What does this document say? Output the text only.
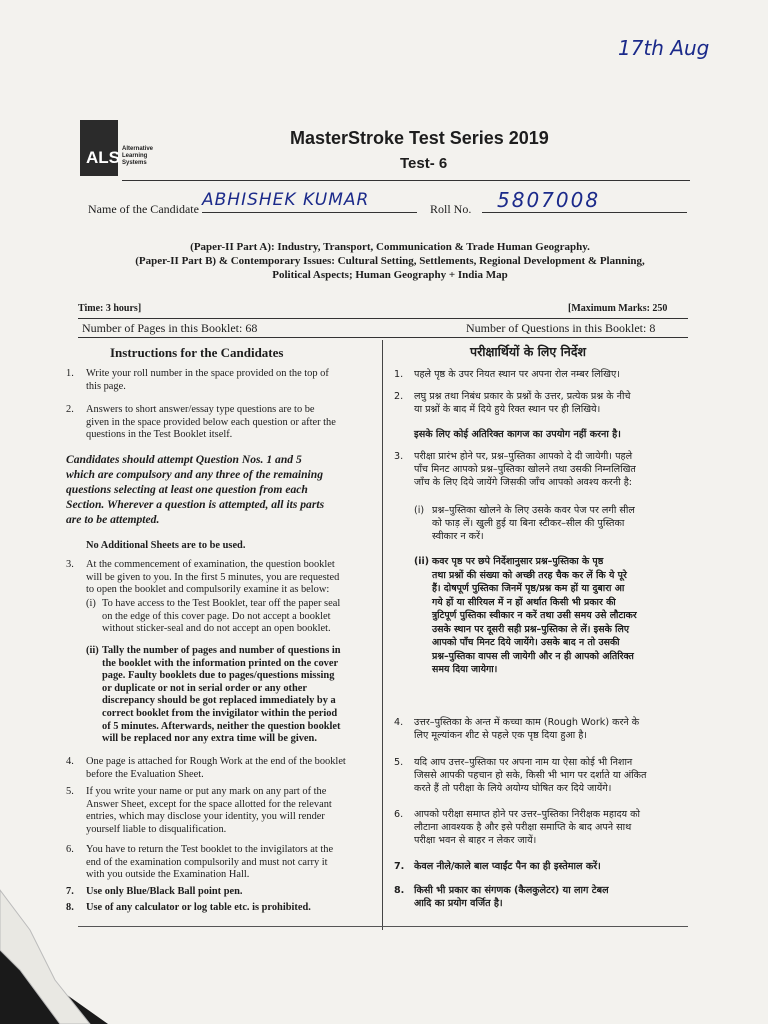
17th Aug
ALS Alternative
Learning
Systems
MasterStroke Test Series 2019
Test- 6
Name of the Candidate ABHISHEK KUMAR	Roll No. 5807008
(Paper-II Part A): Industry, Transport, Communication & Trade Human Geography.
(Paper-II Part B) & Contemporary Issues: Cultural Setting, Settlements, Regional Development & Planning,
Political Aspects; Human Geography + India Map
Time: 3 hours]	[Maximum Marks: 250
Number of Pages in this Booklet: 68	Number of Questions in this Booklet: 8
Instructions for the Candidates
1. Write your roll number in the space provided on the top of
this page.
2. Answers to short answer/essay type questions are to be
given in the space provided below each question or after the
questions in the Test Booklet itself.
Candidates should attempt Question Nos. 1 and 5
which are compulsory and any three of the remaining
questions selecting at least one question from each
Section. Wherever a question is attempted, all its parts
are to be attempted.
No Additional Sheets are to be used.
3. At the commencement of examination, the question booklet
will be given to you. In the first 5 minutes, you are requested
to open the booklet and compulsorily examine it as below:
(i) To have access to the Test Booklet, tear off the paper seal
on the edge of this cover page. Do not accept a booklet
without sticker-seal and do not accept an open booklet.
(ii) Tally the number of pages and number of questions in
the booklet with the information printed on the cover
page. Faulty booklets due to pages/questions missing
or duplicate or not in serial order or any other
discrepancy should be got replaced immediately by a
correct booklet from the invigilator within the period
of 5 minutes. Afterwards, neither the question booklet
will be replaced nor any extra time will be given.
4. One page is attached for Rough Work at the end of the booklet
before the Evaluation Sheet.
5. If you write your name or put any mark on any part of the
Answer Sheet, except for the space allotted for the relevant
entries, which may disclose your identity, you will render
yourself liable to disqualification.
6. You have to return the Test booklet to the invigilators at the
end of the examination compulsorily and must not carry it
with you outside the Examination Hall.
7.	Use only Blue/Black Ball point pen.
8.	Use of any calculator or log table etc. is prohibited.
परीक्षार्थियों के लिए निर्देश
1.	पहले पृष्ठ के उपर नियत स्थान पर अपना रोल नम्बर लिखिए।
2. लघु प्रश्न तथा निबंध प्रकार के प्रश्नों के उत्तर, प्रत्येक प्रश्न के नीचे
या प्रश्नों के बाद में दिये हुये रिक्त स्थान पर ही लिखिये।
इसके लिए कोई अतिरिक्त कागज का उपयोग नहीं करना है।
3. परीक्षा प्रारंभ होने पर, प्रश्न–पुस्तिका आपको दे दी जायेगी। पहले
पाँच मिनट आपको प्रश्न–पुस्तिका खोलने तथा उसकी निम्नलिखित
जाँच के लिए दिये जायेंगे जिसकी जाँच आपको अवश्य करनी है:
(i) प्रश्न–पुस्तिका खोलने के लिए उसके कवर पेज पर लगी सील
को फाड़ लें। खुली हुई या बिना स्टीकर–सील की पुस्तिका
स्वीकार न करें।
(ii) कवर पृष्ठ पर छपे निर्देशानुसार प्रश्न–पुस्तिका के पृष्ठ
तथा प्रश्नों की संख्या को अच्छी तरह चैक कर लें कि ये पूरे
हैं। दोषपूर्ण पुस्तिका जिनमें पृष्ठ/प्रश्न कम हों या दुबारा आ
गये हों या सीरियल में न हों अर्थात किसी भी प्रकार की
त्रुटिपूर्ण पुस्तिका स्वीकार न करें तथा उसी समय उसे लौटाकर
उसके स्थान पर दूसरी सही प्रश्न–पुस्तिका ले लें। इसके लिए
आपको पाँच मिनट दिये जायेंगे। उसके बाद न तो उसकी
प्रश्न–पुस्तिका वापस ली जायेगी और न ही आपको अतिरिक्त
समय दिया जायेगा।
4. उत्तर–पुस्तिका के अन्त में कच्चा काम (Rough Work) करने के
लिए मूल्यांकन शीट से पहले एक पृष्ठ दिया हुआ है।
5. यदि आप उत्तर–पुस्तिका पर अपना नाम या ऐसा कोई भी निशान
जिससे आपकी पहचान हो सके, किसी भी भाग पर दर्शाते या अंकित
करते हैं तो परीक्षा के लिये अयोग्य घोषित कर दिये जायेंगे।
6. आपको परीक्षा समाप्त होने पर उत्तर–पुस्तिका निरीक्षक महादय को
लौटाना आवश्यक है और इसे परीक्षा समाप्ति के बाद अपने साथ
परीक्षा भवन से बाहर न लेकर जायें।
7.	केवल नीले/काले बाल प्वाईंट पैन का ही इस्तेमाल करें।
8. किसी भी प्रकार का संगणक (कैलकुलेटर) या लाग टेबल
आदि का प्रयोग वर्जित है।
